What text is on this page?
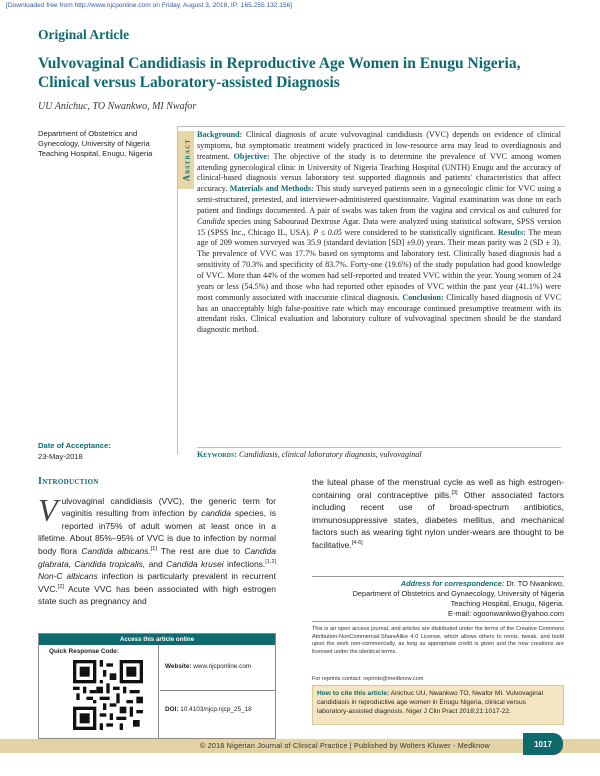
[Downloaded free from http://www.njcponline.com on Friday, August 3, 2018, IP: 165.255.132.156]
Original Article
Vulvovaginal Candidiasis in Reproductive Age Women in Enugu Nigeria, Clinical versus Laboratory-assisted Diagnosis
UU Anichuc, TO Nwankwo, MI Nwafor
Department of Obstetrics and Gynecology, University of Nigeria Teaching Hospital, Enugu, Nigeria
Date of Acceptance:
23-May-2018
Abstract
Background: Clinical diagnosis of acute vulvovaginal candidiasis (VVC) depends on evidence of clinical symptoms, but symptomatic treatment widely practiced in low-resource area may lead to overdiagnosis and treatment. Objective: The objective of the study is to determine the prevalence of VVC among women attending gynecological clinic in University of Nigeria Teaching Hospital (UNTH) Enugu and the accuracy of clinical-based diagnosis versus laboratory test supported diagnosis and patients' characteristics that affect accuracy. Materials and Methods: This study surveyed patients seen in a gynecologic clinic for VVC using a semi-structured, pretested, and interviewer-administered questionnaire. Vaginal examination was done on each patient and findings documented. A pair of swabs was taken from the vagina and cervical os and cultured for Candida species using Sabouraud Dextrose Agar. Data were analyzed using statistical software, SPSS version 15 (SPSS Inc., Chicago IL, USA). P ≤ 0.05 were considered to be statistically significant. Results: The mean age of 209 women surveyed was 35.9 (standard deviation [SD] ±9.0) years. Their mean parity was 2 (SD ± 3). The prevalence of VVC was 17.7% based on symptoms and laboratory test. Clinically based diagnosis had a sensitivity of 70.3% and specificity of 83.7%. Forty-one (19.6%) of the study population had good knowledge of VVC. More than 44% of the women had self-reported and treated VVC within the year. Young women of 24 years or less (54.5%) and those who had reported other episodes of VVC within the past year (41.1%) were most commonly associated with inaccurate clinical diagnosis. Conclusion: Clinically based diagnosis of VVC has an unacceptably high false-positive rate which may encourage continued presumptive treatment with its attendant risks. Clinical evaluation and laboratory culture of vulvovaginal specimen should be the standard diagnostic method.
Keywords: Candidiasis, clinical laboratory diagnosis, vulvovaginal
Introduction
V ulvovaginal candidiasis (VVC), the generic term for vaginitis resulting from infection by candida species, is reported in75% of adult women at least once in a lifetime. About 85%–95% of VVC is due to infection by normal body flora Candida albicans.[1] The rest are due to Candida glabrata, Candida tropicalis, and Candida krusei infections.[1,2] Non-C albicans infection is particularly prevalent in recurrent VVC.[2] Acute VVC has been associated with high estrogen state such as pregnancy and
the luteal phase of the menstrual cycle as well as high estrogen-containing oral contraceptive pills.[3] Other associated factors including recent use of broad-spectrum antibiotics, immunosuppressive states, diabetes mellitus, and mechanical factors such as wearing tight nylon under-wears are thought to be facilitative.[4-6]
Address for correspondence: Dr. TO Nwankwo,
Department of Obstetrics and Gynaecology, University of Nigeria
Teaching Hospital, Enugu, Nigeria.
E-mail: ogoonwankwo@yahoo.com
This is an open access journal, and articles are distributed under the terms of the Creative Commons Attribution-NonCommercial-ShareAlike 4.0 License, which allows others to remix, tweak, and build upon the work non-commercially, as long as appropriate credit is given and the new creations are licensed under the identical terms.
For reprints contact: reprints@medknow.com
How to cite this article: Anichuc UU, Nwankwo TO, Nwafor MI. Vulvovaginal candidiasis in reproductive age women in Enugu Nigeria, clinical versus laboratory-assisted diagnosis. Niger J Clin Pract 2018;21:1017-22.
Access this article online
Quick Response Code:
Website: www.njcponline.com
DOI: 10.4103/njcp.njcp_25_18
© 2018 Nigerian Journal of Clinical Practice | Published by Wolters Kluwer - Medknow	1017
